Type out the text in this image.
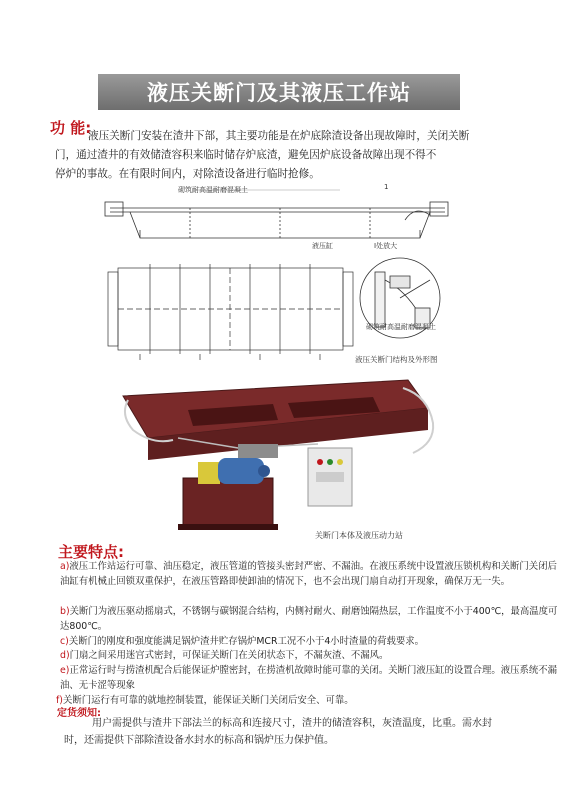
液压关断门及其液压工作站
功 能:
液压关断门安装在渣井下部，其主要功能是在炉底除渣设备出现故障时，关闭关断
门，通过渣井的有效储渣容积来临时储存炉底渣，避免因炉底设备故障出现不得不
停炉的事故。在有限时间内，对除渣设备进行临时抢修。
砌筑耐高温耐磨混凝土	1
液压缸	Ⅰ处放大
砌筑耐高温耐磨混凝土
液压关断门结构及外形图
关断门本体及液压动力站
主要特点:
a)液压工作站运行可靠、油压稳定，液压管道的管接头密封严密、不漏油。在液压系统中设置液压锁机构和关断门关闭后油缸有机械止回锁双重保护，在液压管路即使卸油的情况下，也不会出现门扇自动打开现象，确保万无一失。
b)关断门为液压驱动摇扇式，不锈钢与碳钢混合结构，内侧衬耐火、耐磨蚀隔热层，工作温度不小于400℃，最高温度可达800℃。
c)关断门的刚度和强度能满足锅炉渣井贮存锅炉MCR工况不小于4小时渣量的荷载要求。
d)门扇之间采用迷宫式密封，可保证关断门在关闭状态下，不漏灰渣、不漏风。
e)正常运行时与捞渣机配合后能保证炉膛密封，在捞渣机故障时能可靠的关闭。关断门液压缸的设置合理。液压系统不漏油、无卡涩等现象
f)关断门运行有可靠的就地控制装置，能保证关断门关闭后安全、可靠。
定货须知:
用户需提供与渣井下部法兰的标高和连接尺寸，渣井的储渣容积，灰渣温度，比重。需水封
时，还需提供下部除渣设备水封水的标高和锅炉压力保护值。
